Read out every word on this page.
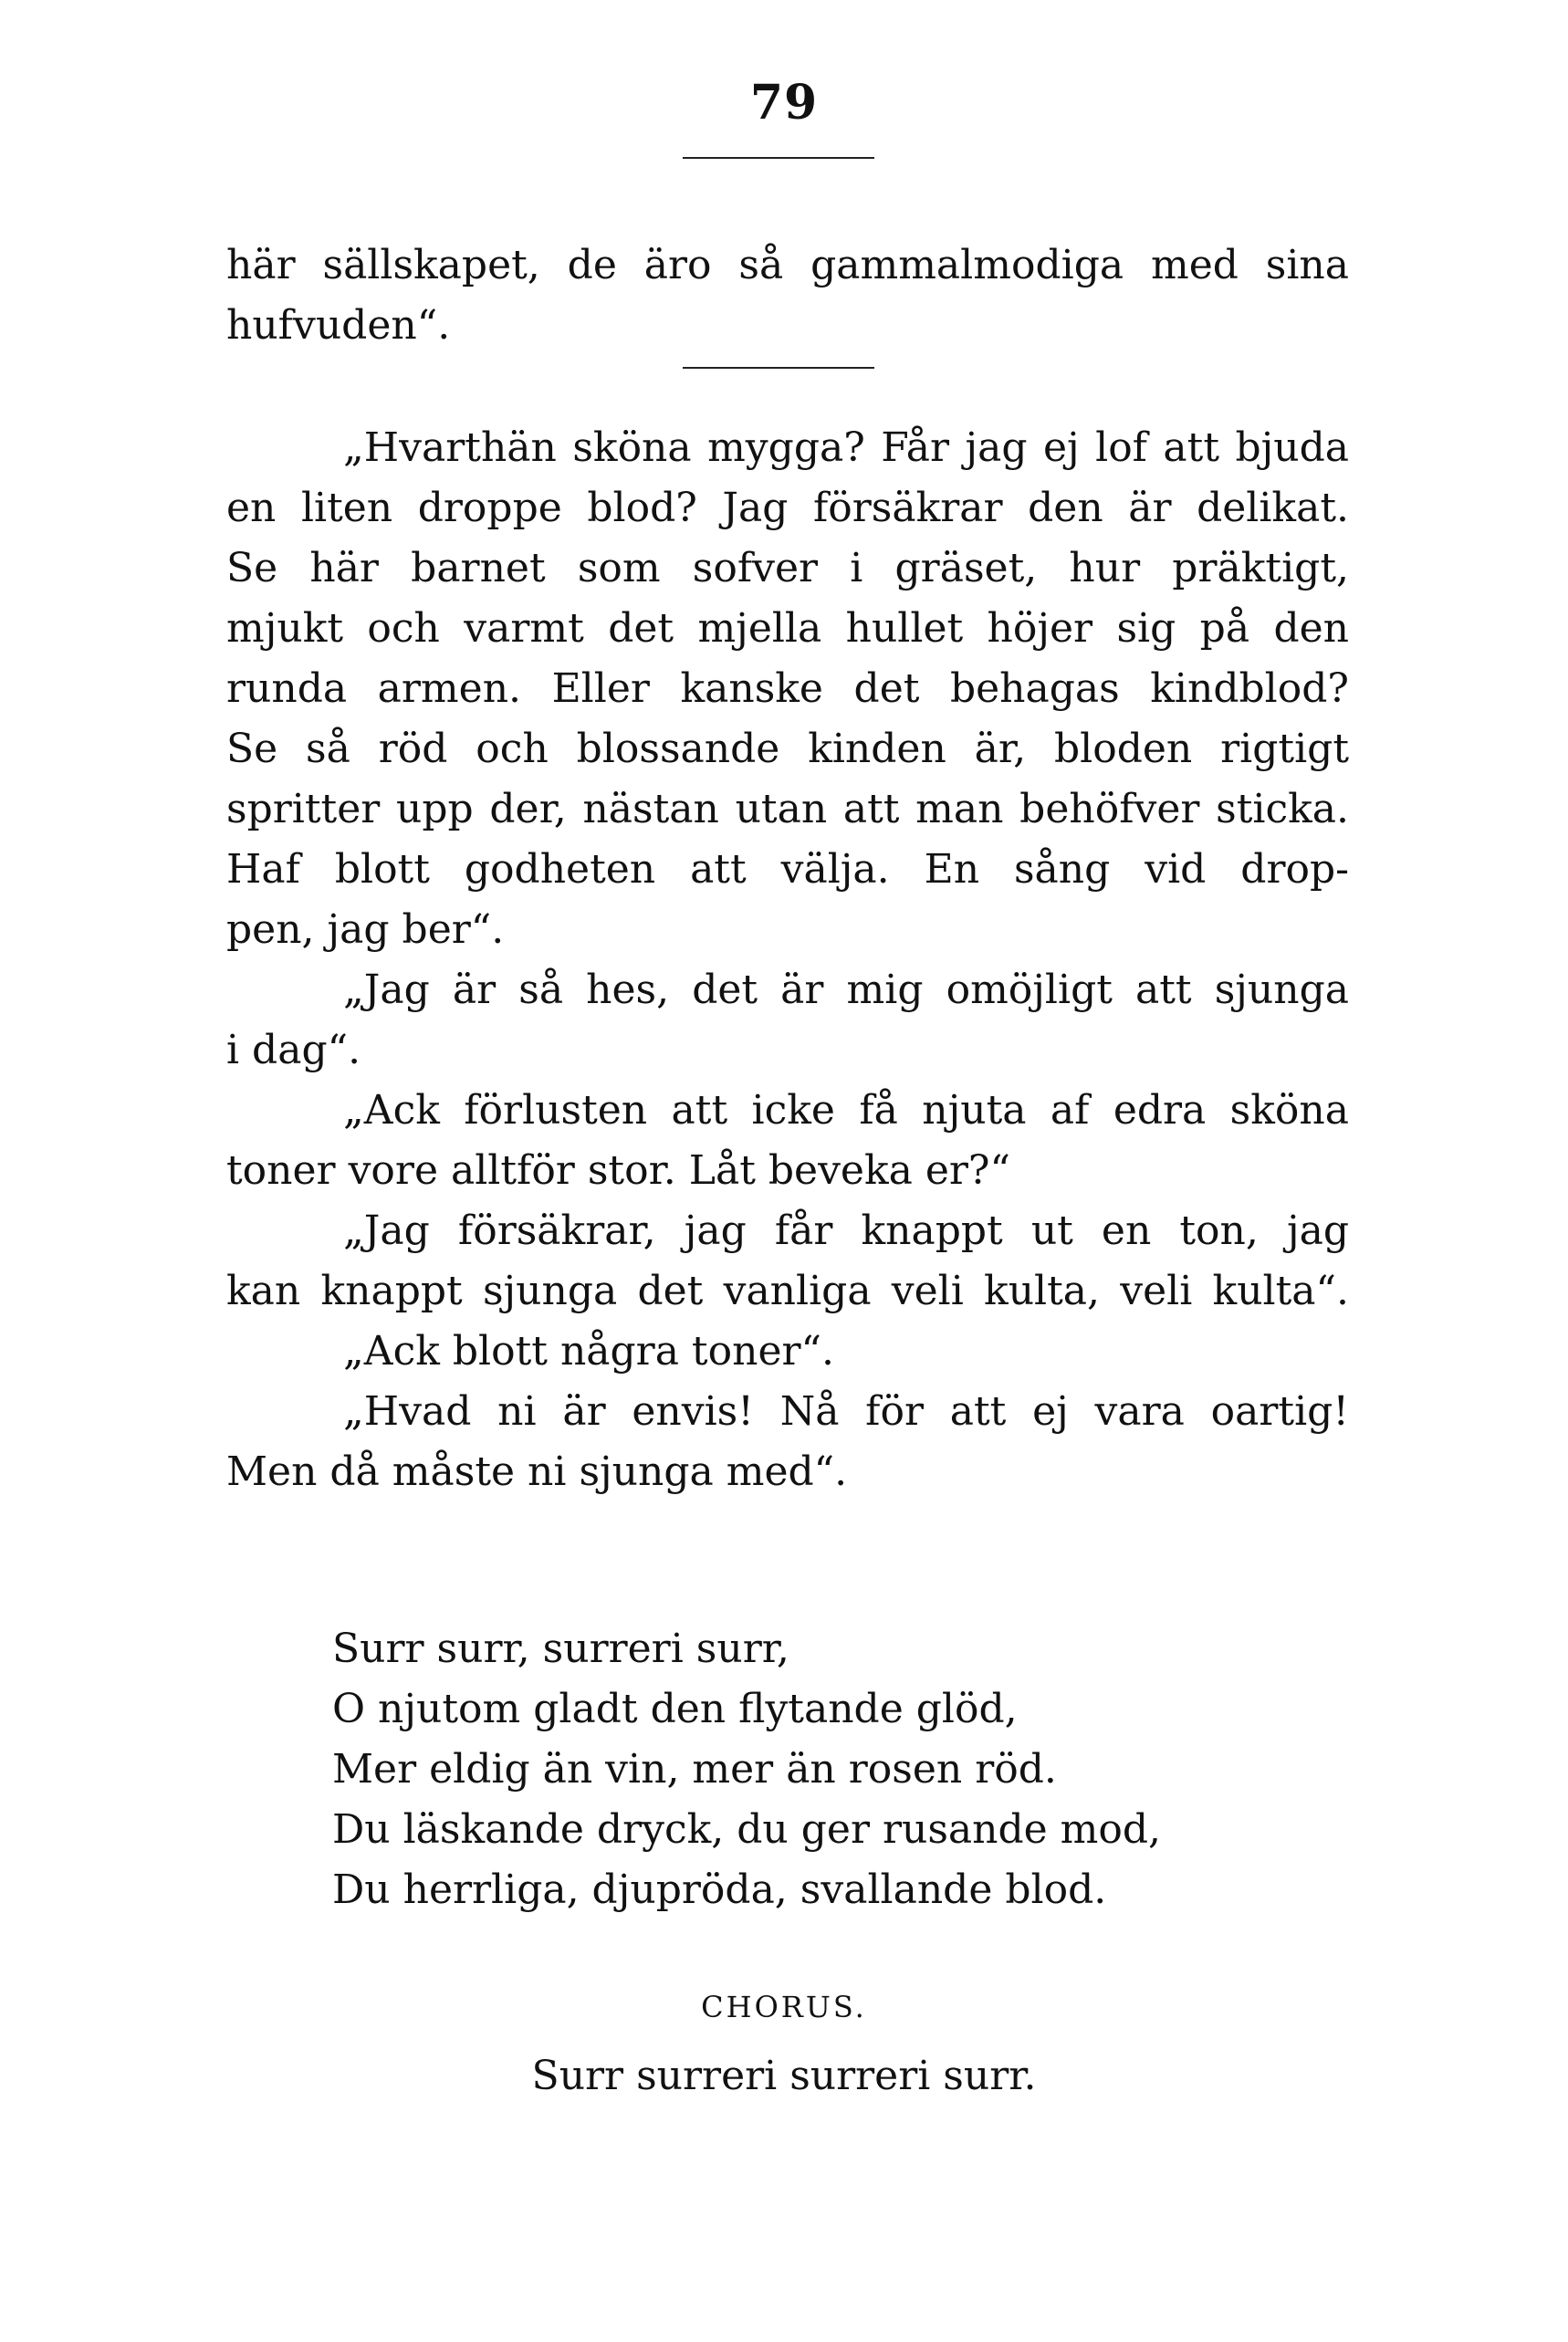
79
här sällskapet, de äro så gammalmodiga med sina
hufvuden“.
„Hvarthän sköna mygga? Får jag ej lof att bjuda
en liten droppe blod? Jag försäkrar den är delikat.
Se här barnet som sofver i gräset, hur präktigt,
mjukt och varmt det mjella hullet höjer sig på den
runda armen. Eller kanske det behagas kindblod?
Se så röd och blossande kinden är, bloden rigtigt
spritter upp der, nästan utan att man behöfver sticka.
Haf blott godheten att välja. En sång vid drop-
pen, jag ber“.
„Jag är så hes, det är mig omöjligt att sjunga
i dag“.
„Ack förlusten att icke få njuta af edra sköna
toner vore alltför stor. Låt beveka er?“
„Jag försäkrar, jag får knappt ut en ton, jag
kan knappt sjunga det vanliga veli kulta, veli kulta“.
„Ack blott några toner“.
„Hvad ni är envis! Nå för att ej vara oartig!
Men då måste ni sjunga med“.
Surr surr, surreri surr,
O njutom gladt den flytande glöd,
Mer eldig än vin, mer än rosen röd.
Du läskande dryck, du ger rusande mod,
Du herrliga, djupröda, svallande blod.
CHORUS.
Surr surreri surreri surr.
